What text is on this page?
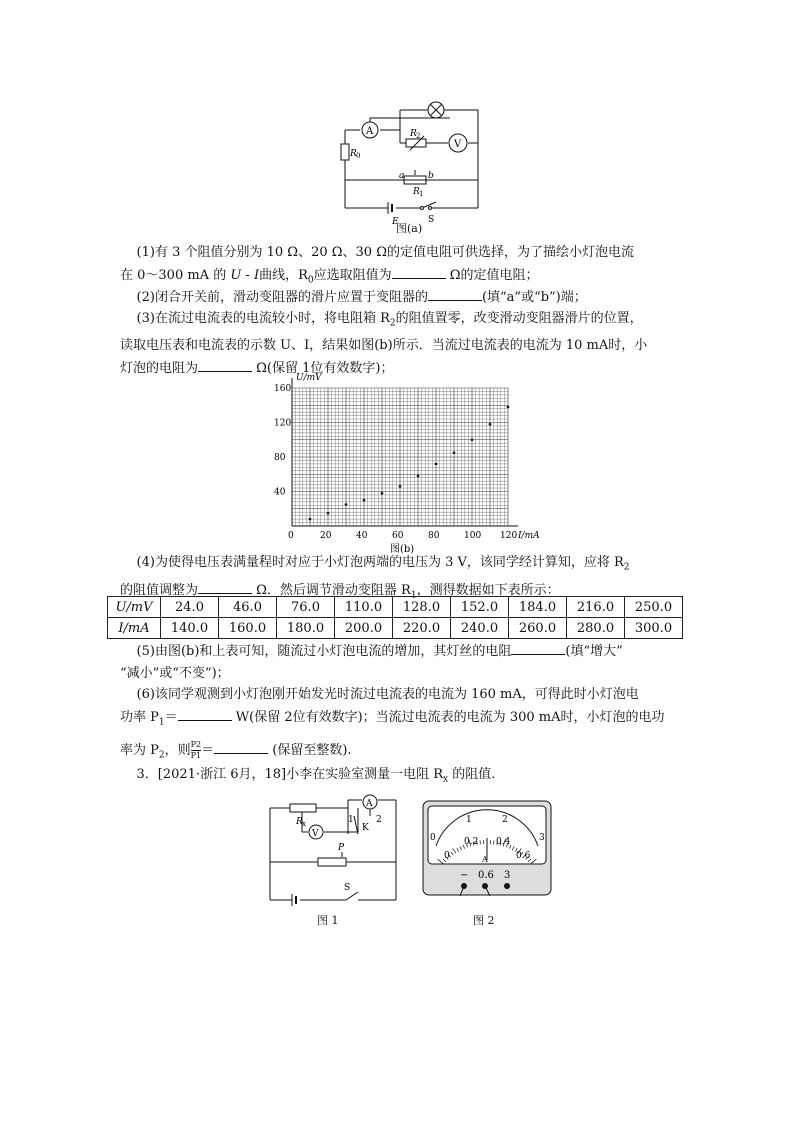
A
V
R 2
R 0
a	b
R 1
E	S
图(a)
(1)有 3 个阻值分别为 10 Ω、20 Ω、30 Ω的定值电阻可供选择，为了描绘小灯泡电流
在 0～300 mA 的 U - I曲线，$R_0$应选取阻值为	Ω的定值电阻；
(2)闭合开关前，滑动变阻器的滑片应置于变阻器的	(填“a”或“b”)端；
(3)在流过电流表的电流较小时，将电阻箱 $R_2$的阻值置零，改变滑动变阻器滑片的位置，
读取电压表和电流表的示数 U、I，结果如图(b)所示．当流过电流表的电流为 10 mA时，小
灯泡的电阻为	Ω(保留 1位有效数字)；
0	20	40	60	80	100 120
40
80
120
160
I/mA
U/mV
图(b)
(4)为使得电压表满量程时对应于小灯泡两端的电压为 3 V，该同学经计算知，应将 $R_2$
的阻值调整为	Ω．然后调节滑动变阻器 $R_1$，测得数据如下表所示：
U/mV	24.0	46.0	76.0	110.0	128.0	152.0	184.0	216.0	250.0
I/mA	140.0	160.0	180.0	200.0	220.0	240.0	260.0	280.0	300.0
(5)由图(b)和上表可知，随流过小灯泡电流的增加，其灯丝的电阻	(填“增大”
“减小”或“不变”)；
(6)该同学观测到小灯泡刚开始发光时流过电流表的电流为 160 mA，可得此时小灯泡电
功率 $P_1=$	W(保留 2位有效数字)；当流过电流表的电流为 300 mA时，小灯泡的电功
率为 $P_2$，则 $\frac{P2}{P1}$ ＝	(保留至整数).
3．[2021·浙江 6月，18]小李在实验室测量一电阻 $R_x$ 的阻值．
R x
A
1 2
K
V
P
S
图 1
0
1	2
3
0
0.2 0.4
0.6
A
− 0.6 3
图 2
